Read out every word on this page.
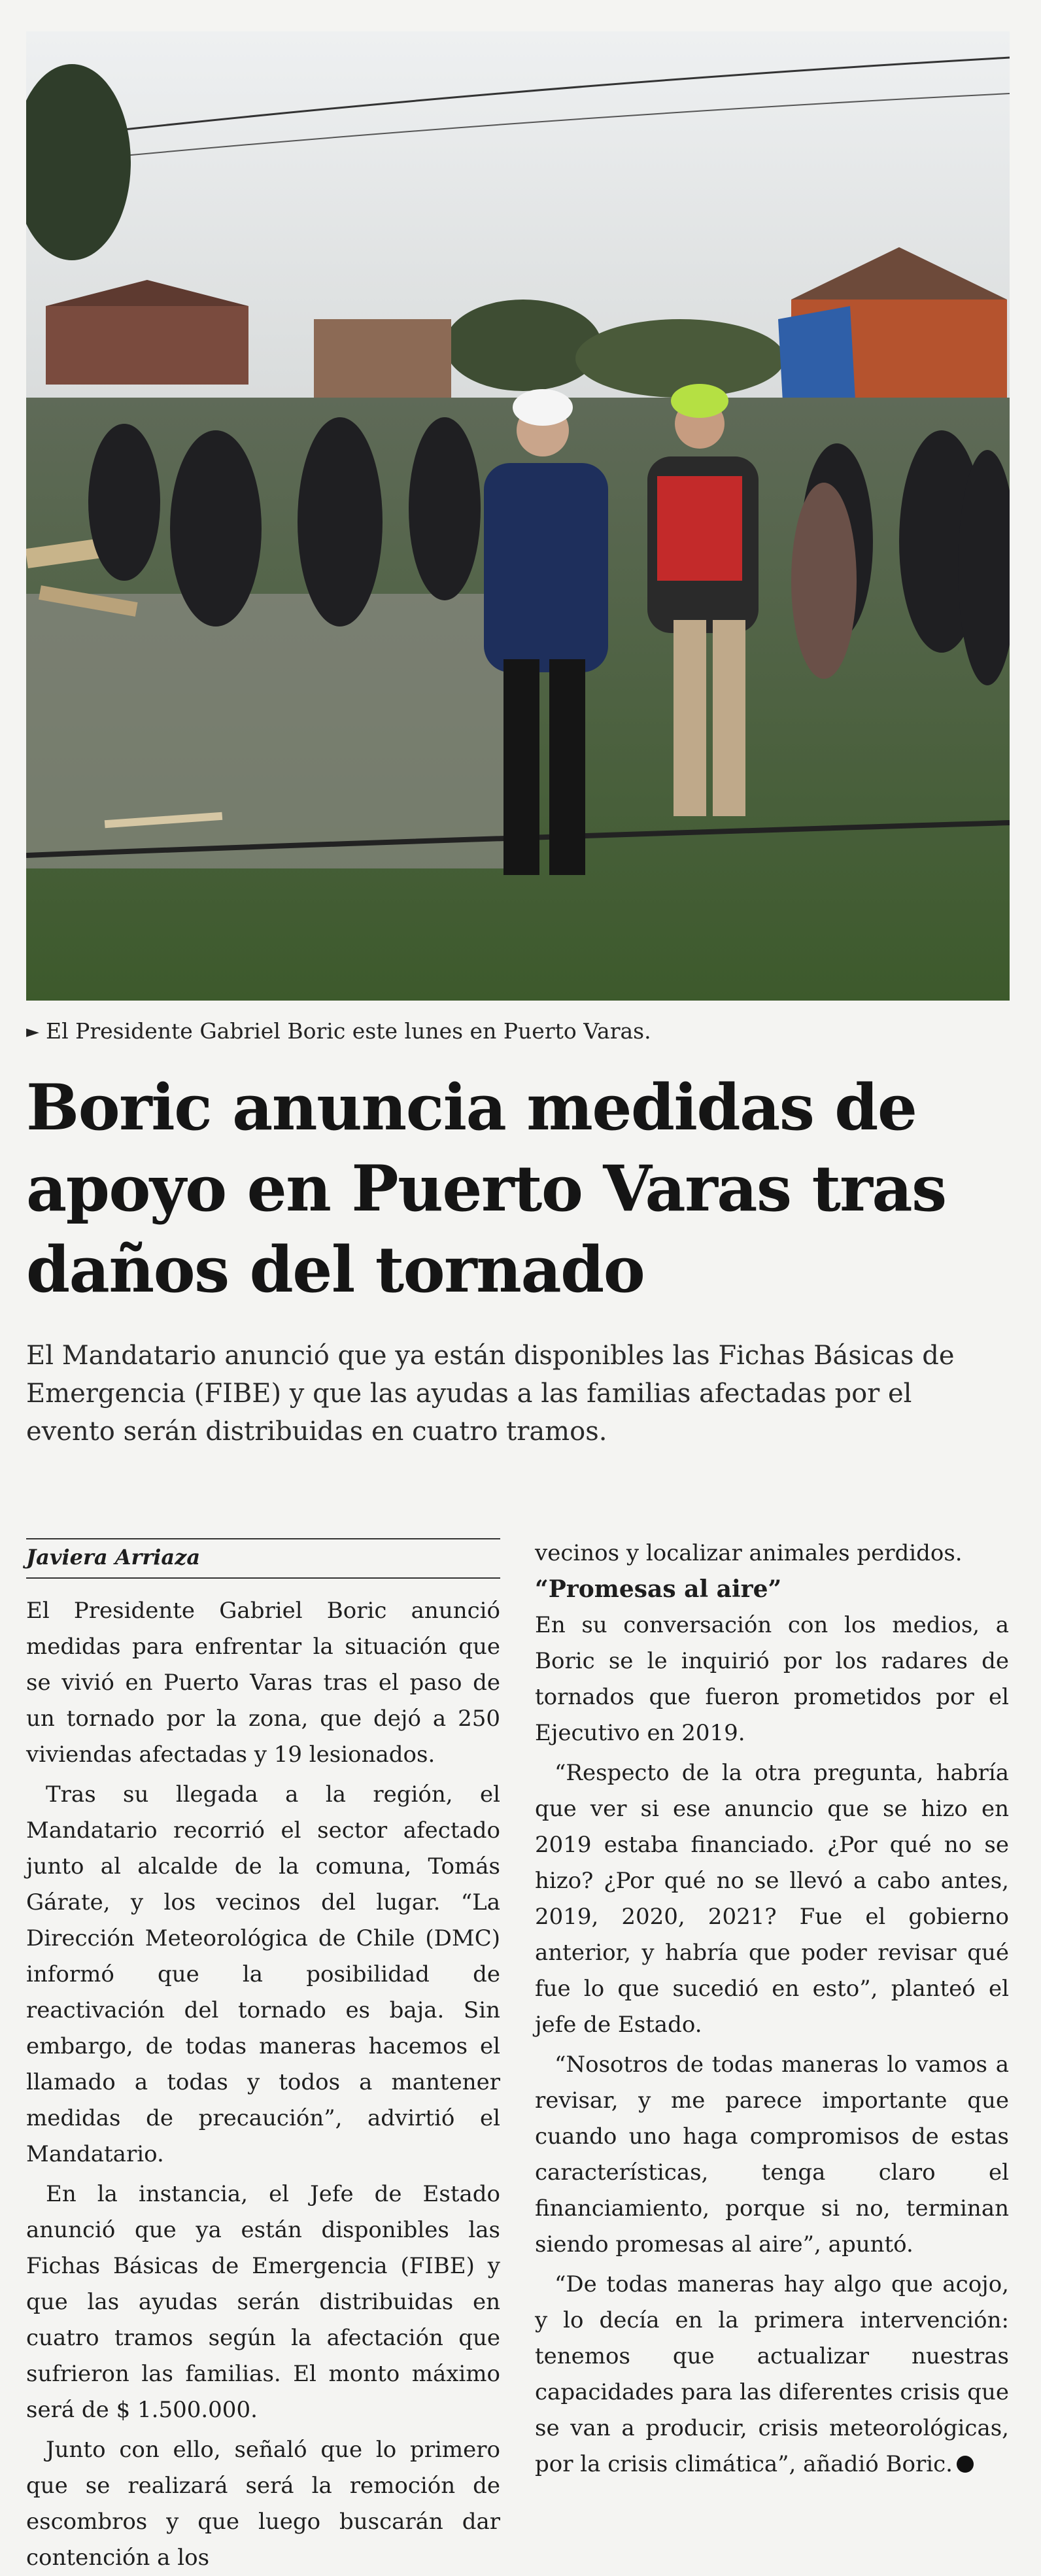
► El Presidente Gabriel Boric este lunes en Puerto Varas.
Boric anuncia medidas de apoyo en Puerto Varas tras daños del tornado

El Mandatario anunció que ya están disponibles las Fichas Básicas de Emergencia (FIBE) y que las ayudas a las familias afectadas por el evento serán distribuidas en cuatro tramos.

Javiera Arriaza

El Presidente Gabriel Boric anunció medidas para enfrentar la situación que se vivió en Puerto Varas tras el paso de un tornado por la zona, que dejó a 250 viviendas afectadas y 19 lesionados.

Tras su llegada a la región, el Mandatario recorrió el sector afectado junto al alcalde de la comuna, Tomás Gárate, y los vecinos del lugar. “La Dirección Meteorológica de Chile (DMC) informó que la posibilidad de reactivación del tornado es baja. Sin embargo, de todas maneras hacemos el llamado a todas y todos a mantener medidas de precaución”, advirtió el Mandatario.

En la instancia, el Jefe de Estado anunció que ya están disponibles las Fichas Básicas de Emergencia (FIBE) y que las ayudas serán distribuidas en cuatro tramos según la afectación que sufrieron las familias. El monto máximo será de $ 1.500.000.

Junto con ello, señaló que lo primero que se realizará será la remoción de escombros y que luego buscarán dar contención a los

vecinos y localizar animales perdidos.

“Promesas al aire”

En su conversación con los medios, a Boric se le inquirió por los radares de tornados que fueron prometidos por el Ejecutivo en 2019.

“Respecto de la otra pregunta, habría que ver si ese anuncio que se hizo en 2019 estaba financiado. ¿Por qué no se hizo? ¿Por qué no se llevó a cabo antes, 2019, 2020, 2021? Fue el gobierno anterior, y habría que poder revisar qué fue lo que sucedió en esto”, planteó el jefe de Estado.

“Nosotros de todas maneras lo vamos a revisar, y me parece importante que cuando uno haga compromisos de estas características, tenga claro el financiamiento, porque si no, terminan siendo promesas al aire”, apuntó.

“De todas maneras hay algo que acojo, y lo decía en la primera intervención: tenemos que actualizar nuestras capacidades para las diferentes crisis que se van a producir, crisis meteorológicas, por la crisis climática”, añadió Boric.
